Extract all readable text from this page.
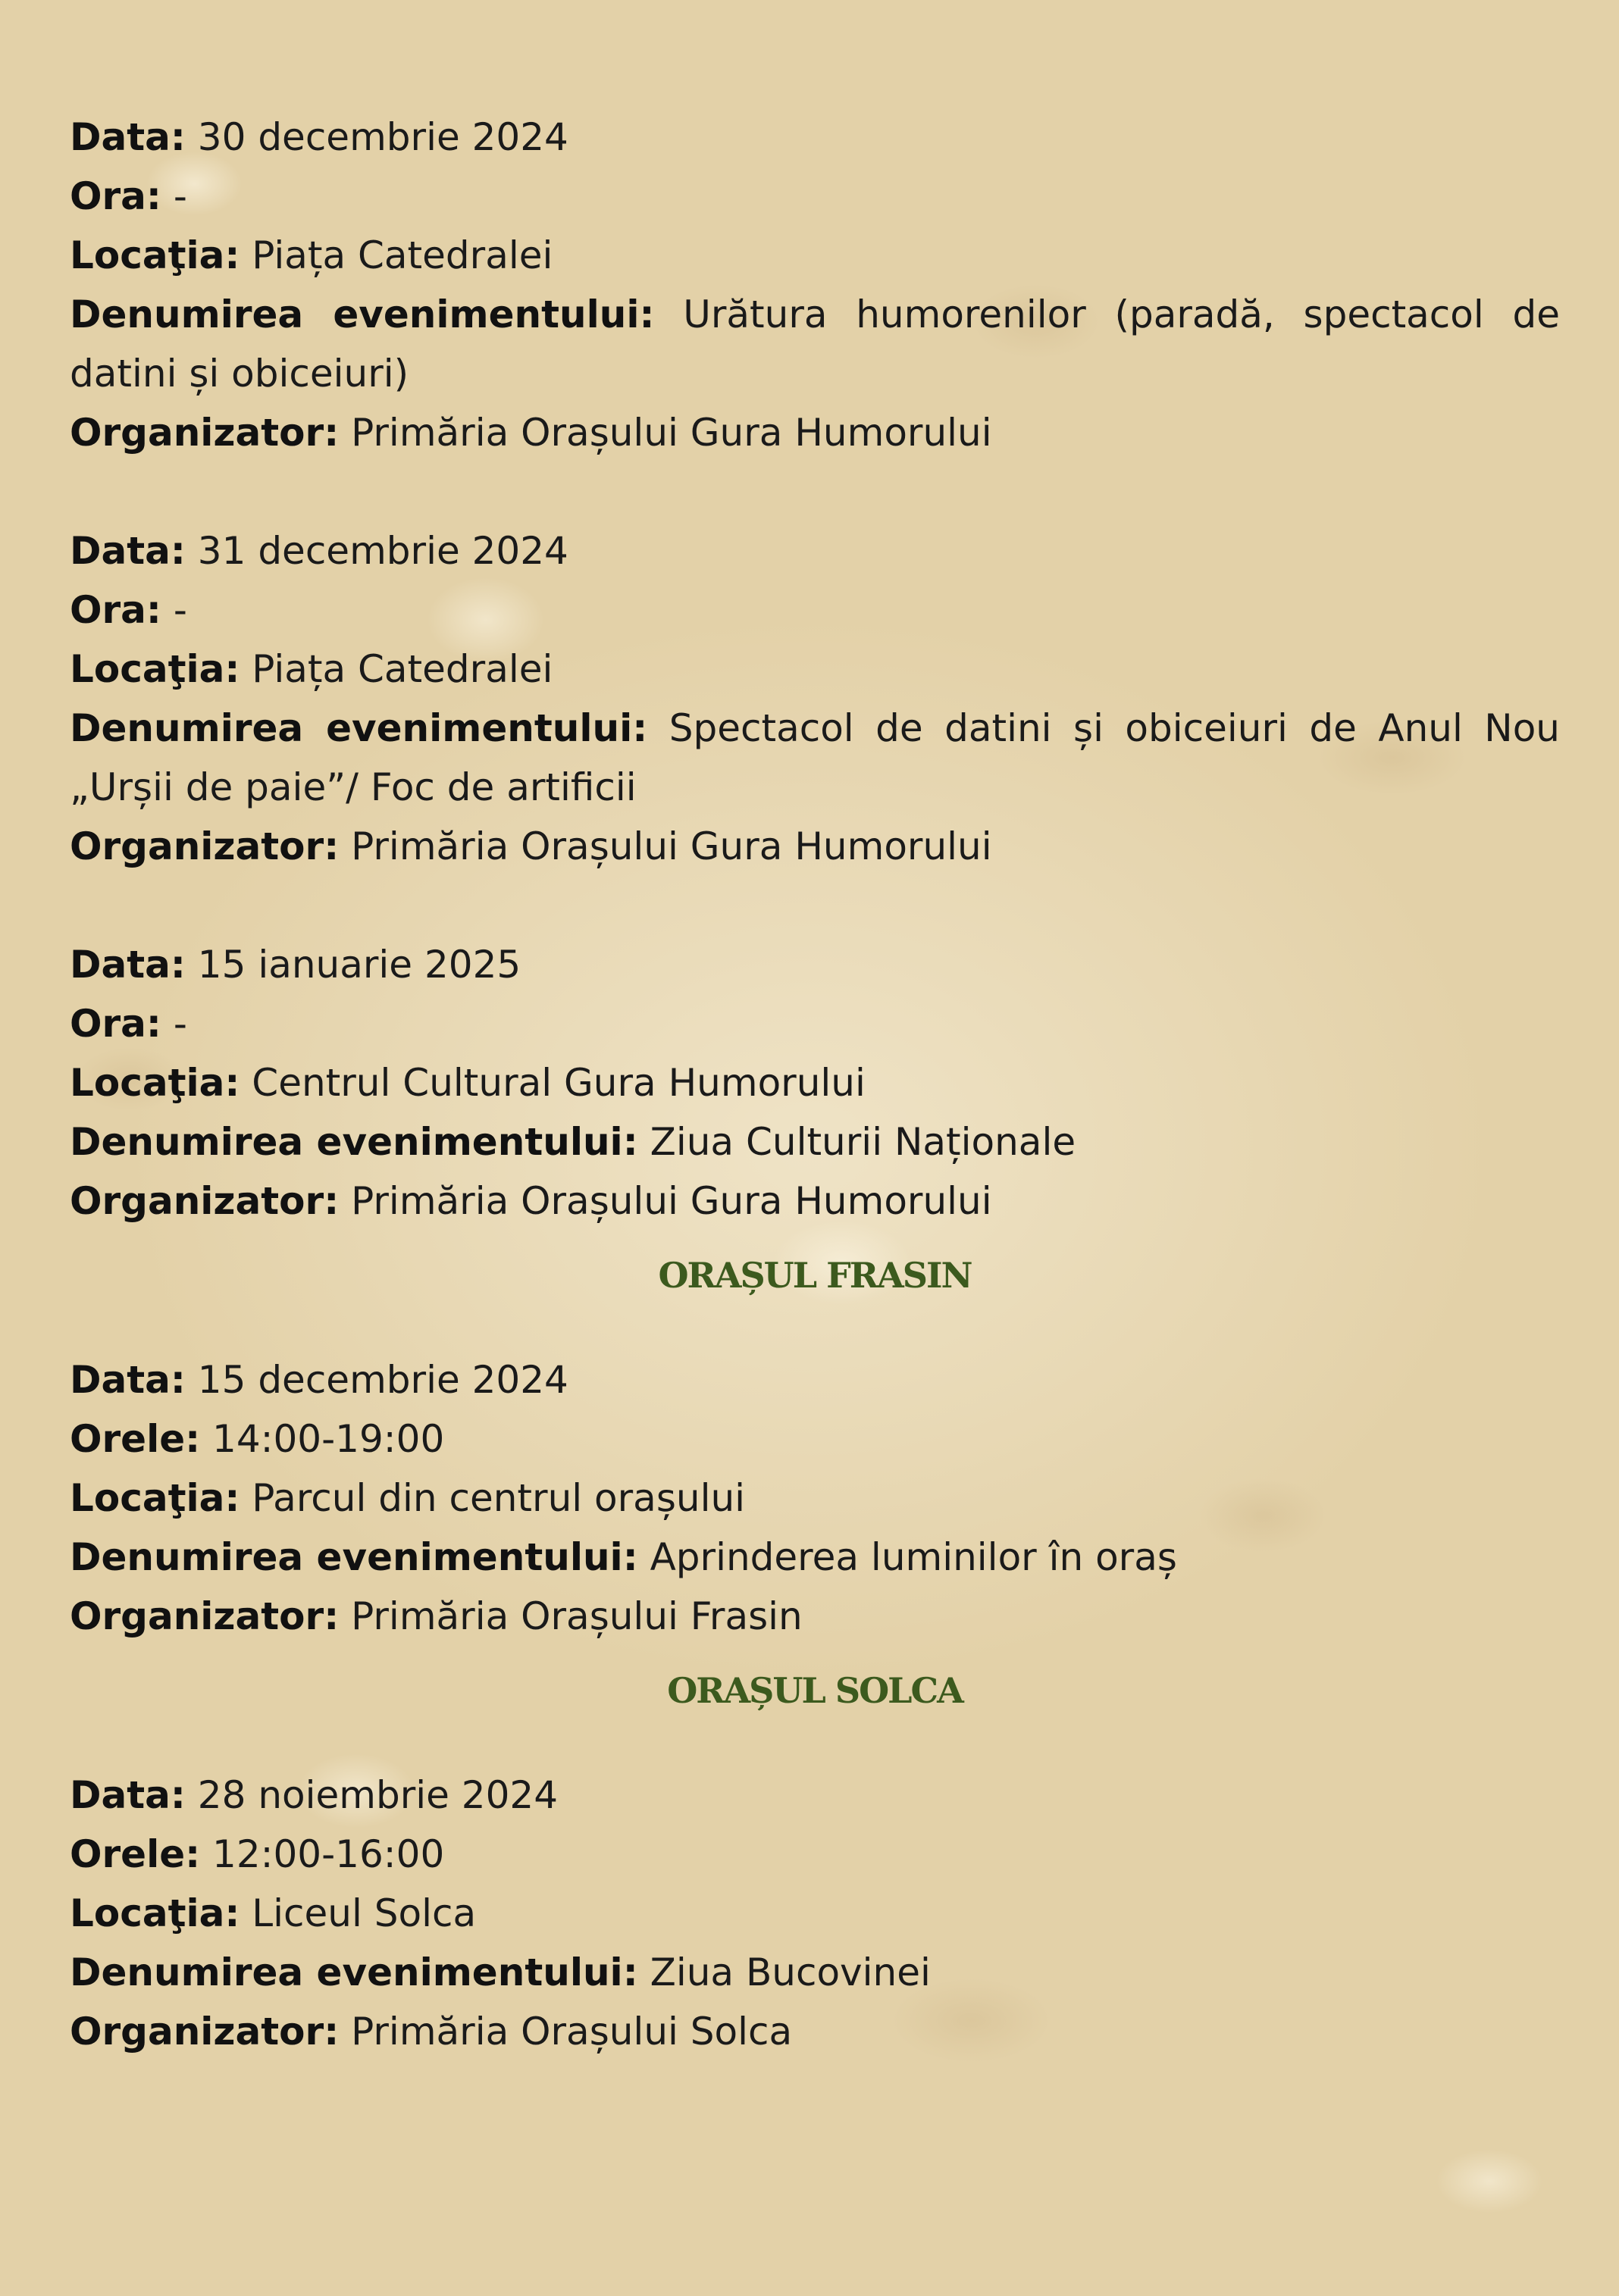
Data: 30 decembrie 2024
Ora: -
Locaţia: Piața Catedralei
Denumirea evenimentului: Urătura humorenilor (paradă, spectacol de datini și obiceiuri)
Organizator: Primăria Orașului Gura Humorului
Data: 31 decembrie 2024
Ora: -
Locaţia: Piața Catedralei
Denumirea evenimentului: Spectacol de datini și obiceiuri de Anul Nou „Urșii de paie”/ Foc de artificii
Organizator: Primăria Orașului Gura Humorului
Data: 15 ianuarie 2025
Ora: -
Locaţia: Centrul Cultural Gura Humorului
Denumirea evenimentului: Ziua Culturii Naționale
Organizator: Primăria Orașului Gura Humorului
ORAȘUL FRASIN
Data: 15 decembrie 2024
Orele: 14:00-19:00
Locaţia: Parcul din centrul orașului
Denumirea evenimentului: Aprinderea luminilor în oraș
Organizator: Primăria Orașului Frasin
ORAȘUL SOLCA
Data: 28 noiembrie 2024
Orele: 12:00-16:00
Locaţia: Liceul Solca
Denumirea evenimentului: Ziua Bucovinei
Organizator: Primăria Orașului Solca
